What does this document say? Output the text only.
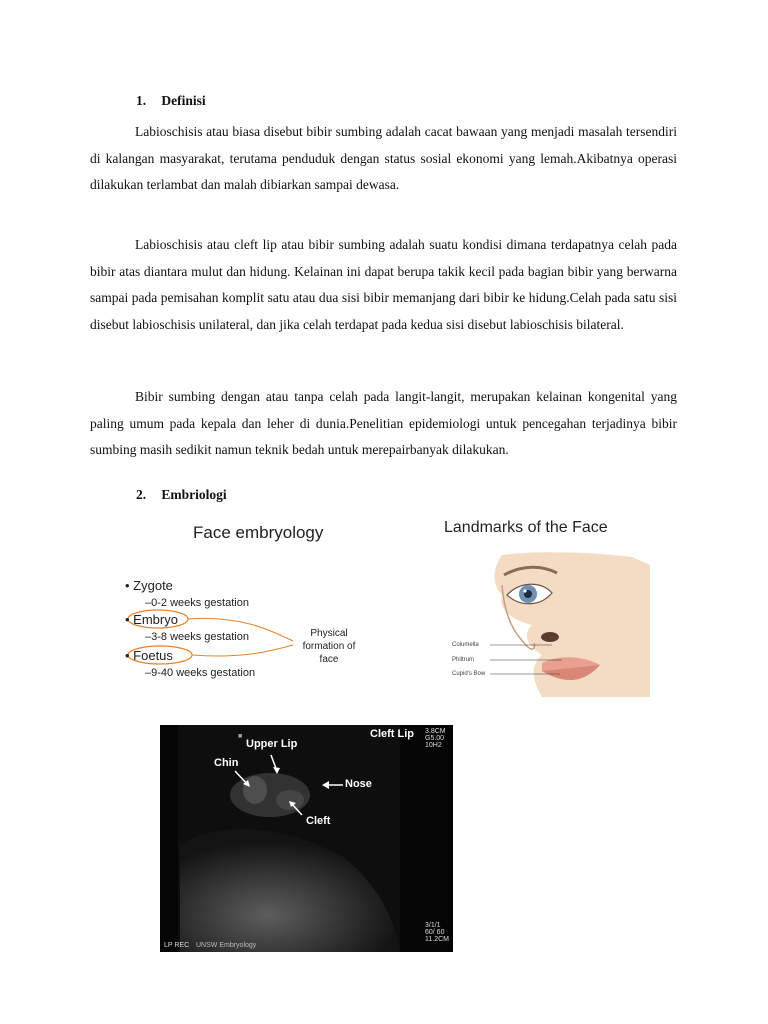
1. Definisi

Labioschisis atau biasa disebut bibir sumbing adalah cacat bawaan yang menjadi masalah tersendiri di kalangan masyarakat, terutama penduduk dengan status sosial ekonomi yang lemah.Akibatnya operasi dilakukan terlambat dan malah dibiarkan sampai dewasa.

Labioschisis atau cleft lip atau bibir sumbing adalah suatu kondisi dimana terdapatnya celah pada bibir atas diantara mulut dan hidung. Kelainan ini dapat berupa takik kecil pada bagian bibir yang berwarna sampai pada pemisahan komplit satu atau dua sisi bibir memanjang dari bibir ke hidung.Celah pada satu sisi disebut labioschisis unilateral, dan jika celah terdapat pada kedua sisi disebut labioschisis bilateral.

Bibir sumbing dengan atau tanpa celah pada langit-langit, merupakan kelainan kongenital yang paling umum pada kepala dan leher di dunia.Penelitian epidemiologi untuk pencegahan terjadinya bibir sumbing masih sedikit namun teknik bedah untuk merepairbanyak dilakukan.

2. Embriologi
Face embryology
• Zygote
–0-2 weeks gestation
• Embryo
–3-8 weeks gestation
• Foetus
–9-40 weeks gestation
Physical formation of face
Landmarks of the Face
Columella
Philtrum
Cupid's Bow
Cleft Lip
■
3.8CM
G5.00
10H2
Upper Lip
Chin
Nose
Cleft
3/1/1
60/ 60
11.2CM
LP REC UNSW Embryology
